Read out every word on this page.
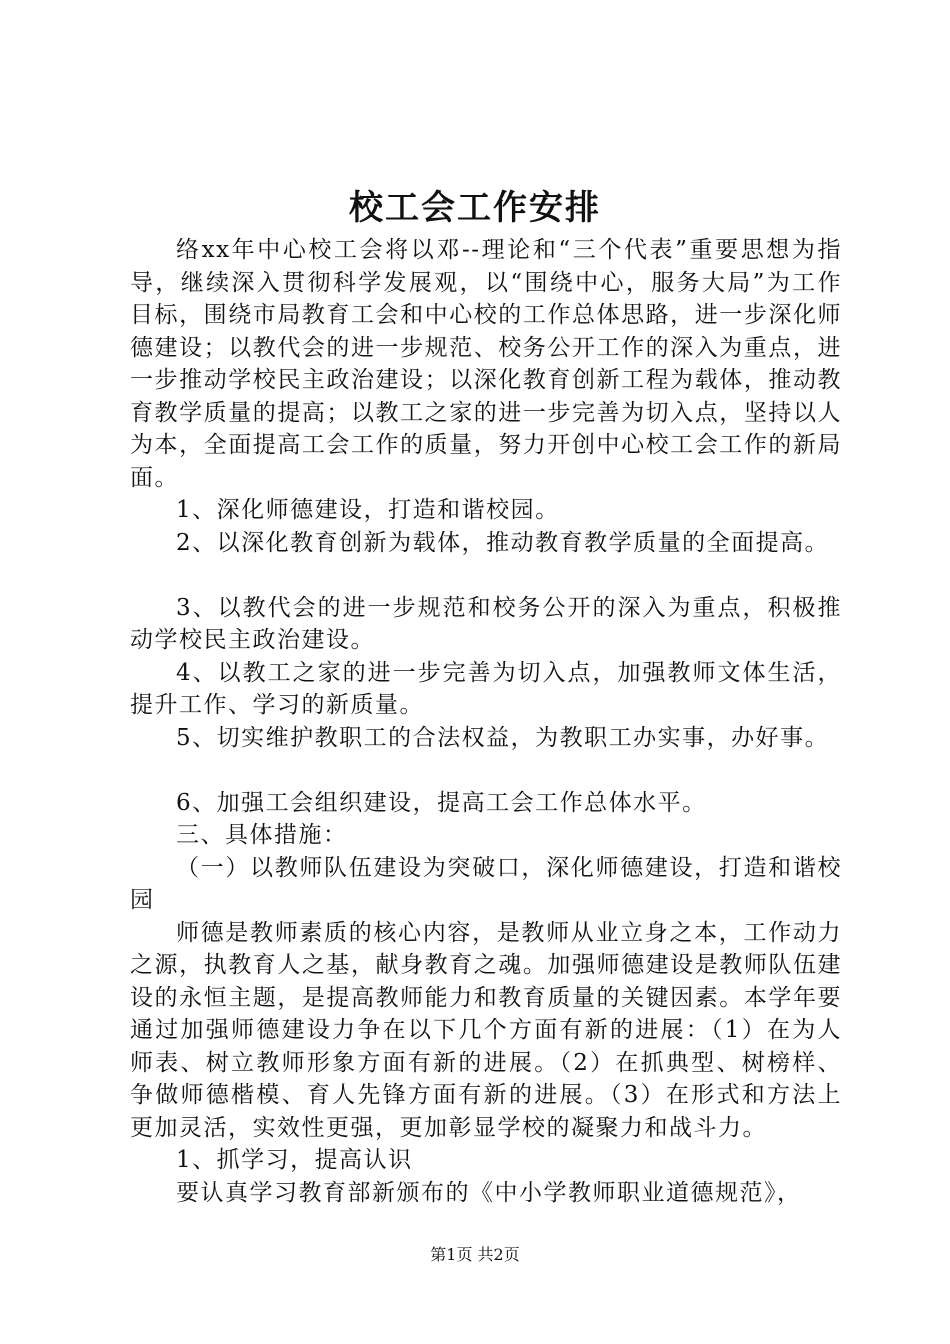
校工会工作安排

络xx年中心校工会将以邓--理论和“三个代表”重要思想为指导，继续深入贯彻科学发展观，以“围绕中心，服务大局”为工作目标，围绕市局教育工会和中心校的工作总体思路，进一步深化师德建设；以教代会的进一步规范、校务公开工作的深入为重点，进一步推动学校民主政治建设；以深化教育创新工程为载体，推动教育教学质量的提高；以教工之家的进一步完善为切入点，坚持以人为本，全面提高工会工作的质量，努力开创中心校工会工作的新局面。

1、深化师德建设，打造和谐校园。

2、以深化教育创新为载体，推动教育教学质量的全面提高。

3、以教代会的进一步规范和校务公开的深入为重点，积极推动学校民主政治建设。

4、以教工之家的进一步完善为切入点，加强教师文体生活，提升工作、学习的新质量。

5、切实维护教职工的合法权益，为教职工办实事，办好事。

6、加强工会组织建设，提高工会工作总体水平。

三、具体措施：

（一）以教师队伍建设为突破口，深化师德建设，打造和谐校园

师德是教师素质的核心内容，是教师从业立身之本，工作动力之源，执教育人之基，献身教育之魂。加强师德建设是教师队伍建设的永恒主题，是提高教师能力和教育质量的关键因素。本学年要通过加强师德建设力争在以下几个方面有新的进展：（1）在为人师表、树立教师形象方面有新的进展。（2）在抓典型、树榜样、争做师德楷模、育人先锋方面有新的进展。（3）在形式和方法上更加灵活，实效性更强，更加彰显学校的凝聚力和战斗力。

1、抓学习，提高认识

要认真学习教育部新颁布的《中小学教师职业道德规范》，

第1页 共2页
